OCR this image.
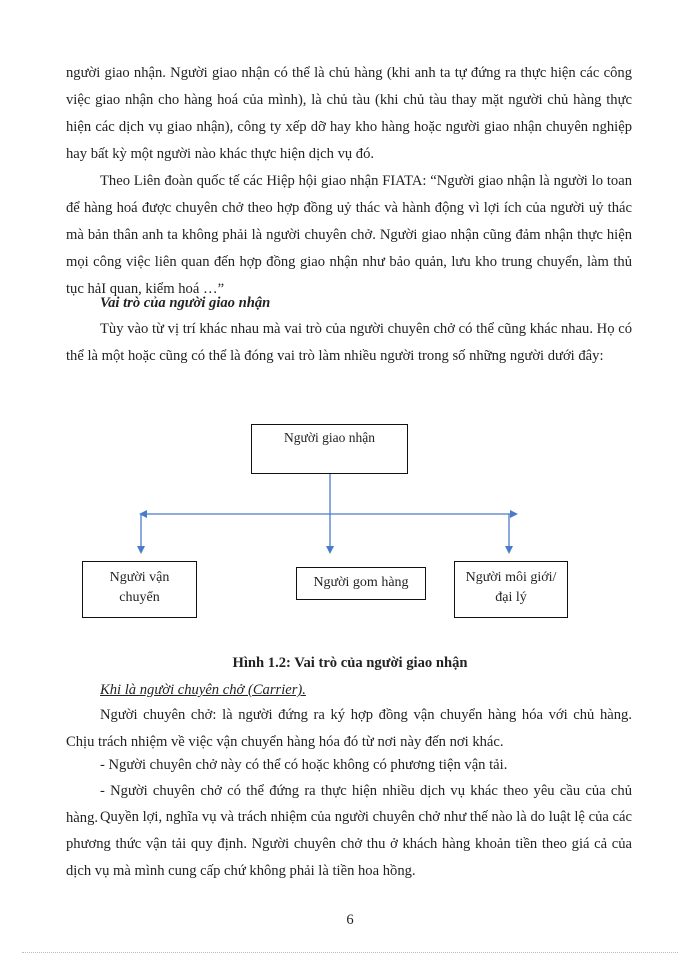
người giao nhận. Người giao nhận có thể là chủ hàng (khi anh ta tự đứng ra thực hiện các công việc giao nhận cho hàng hoá của mình), là chủ tàu (khi chủ tàu thay mặt người chủ hàng thực hiện các dịch vụ giao nhận), công ty xếp dỡ hay kho hàng hoặc người giao nhận chuyên nghiệp hay bất kỳ một người nào khác thực hiện dịch vụ đó.

Theo Liên đoàn quốc tế các Hiệp hội giao nhận FIATA: “Người giao nhận là người lo toan để hàng hoá được chuyên chở theo hợp đồng uỷ thác và hành động vì lợi ích của người uỷ thác mà bản thân anh ta không phải là người chuyên chở. Người giao nhận cũng đảm nhận thực hiện mọi công việc liên quan đến hợp đồng giao nhận như bảo quản, lưu kho trung chuyển, làm thủ tục hảI quan, kiểm hoá …”

Vai trò của người giao nhận

Tùy vào từ vị trí khác nhau mà vai trò của người chuyên chở có thể cũng khác nhau. Họ có thể là một hoặc cũng có thể là đóng vai trò làm nhiều người trong số những người dưới đây:

Người giao nhận
Người vận chuyển
Người gom hàng	Người môi giới/ đại lý
Hình 1.2: Vai trò của người giao nhận

Khi là người chuyên chở (Carrier).

Người chuyên chở: là người đứng ra ký hợp đồng vận chuyển hàng hóa với chủ hàng. Chịu trách nhiệm về việc vận chuyển hàng hóa đó từ nơi này đến nơi khác.

- Người chuyên chở này có thể có hoặc không có phương tiện vận tải.

- Người chuyên chở có thể đứng ra thực hiện nhiều dịch vụ khác theo yêu cầu của chủ hàng. Quyền lợi, nghĩa vụ và trách nhiệm của người chuyên chở như thế nào là do luật lệ của các phương thức vận tải quy định. Người chuyên chở thu ở khách hàng khoản tiền theo giá cả của dịch vụ mà mình cung cấp chứ không phải là tiền hoa hồng.

6
